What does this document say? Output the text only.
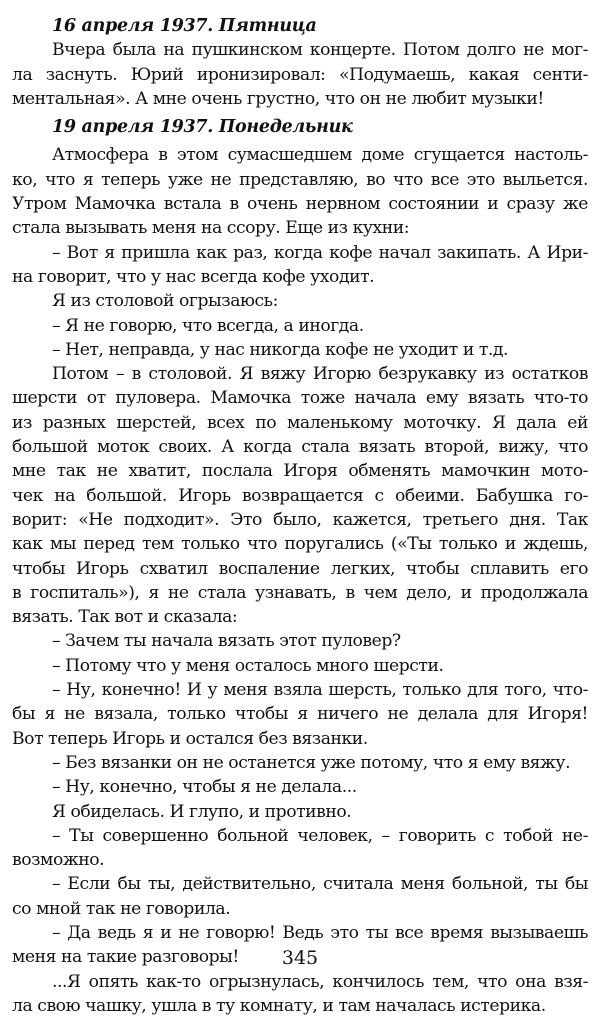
16 апреля 1937. Пятница
Вчера была на пушкинском концерте. Потом долго не мог-
ла заснуть. Юрий иронизировал: «Подумаешь, какая сенти-
ментальная». А мне очень грустно, что он не любит музыки!
19 апреля 1937. Понедельник
Атмосфера в этом сумасшедшем доме сгущается настоль-
ко, что я теперь уже не представляю, во что все это выльется.
Утром Мамочка встала в очень нервном состоянии и сразу же
стала вызывать меня на ссору. Еще из кухни:
– Вот я пришла как раз, когда кофе начал закипать. А Ири-
на говорит, что у нас всегда кофе уходит.
Я из столовой огрызаюсь:
– Я не говорю, что всегда, а иногда.
– Нет, неправда, у нас никогда кофе не уходит и т.д.
Потом – в столовой. Я вяжу Игорю безрукавку из остатков
шерсти от пуловера. Мамочка тоже начала ему вязать что-то
из разных шерстей, всех по маленькому моточку. Я дала ей
большой моток своих. А когда стала вязать второй, вижу, что
мне так не хватит, послала Игоря обменять мамочкин мото-
чек на большой. Игорь возвращается с обеими. Бабушка го-
ворит: «Не подходит». Это было, кажется, третьего дня. Так
как мы перед тем только что поругались («Ты только и ждешь,
чтобы Игорь схватил воспаление легких, чтобы сплавить его
в госпиталь»), я не стала узнавать, в чем дело, и продолжала
вязать. Так вот и сказала:
– Зачем ты начала вязать этот пуловер?
– Потому что у меня осталось много шерсти.
– Ну, конечно! И у меня взяла шерсть, только для того, что-
бы я не вязала, только чтобы я ничего не делала для Игоря!
Вот теперь Игорь и остался без вязанки.
– Без вязанки он не останется уже потому, что я ему вяжу.
– Ну, конечно, чтобы я не делала...
Я обиделась. И глупо, и противно.
– Ты совершенно больной человек, – говорить с тобой не-
возможно.
– Если бы ты, действительно, считала меня больной, ты бы
со мной так не говорила.
– Да ведь я и не говорю! Ведь это ты все время вызываешь
меня на такие разговоры!
...Я опять как-то огрызнулась, кончилось тем, что она взя-
ла свою чашку, ушла в ту комнату, и там началась истерика.
345
